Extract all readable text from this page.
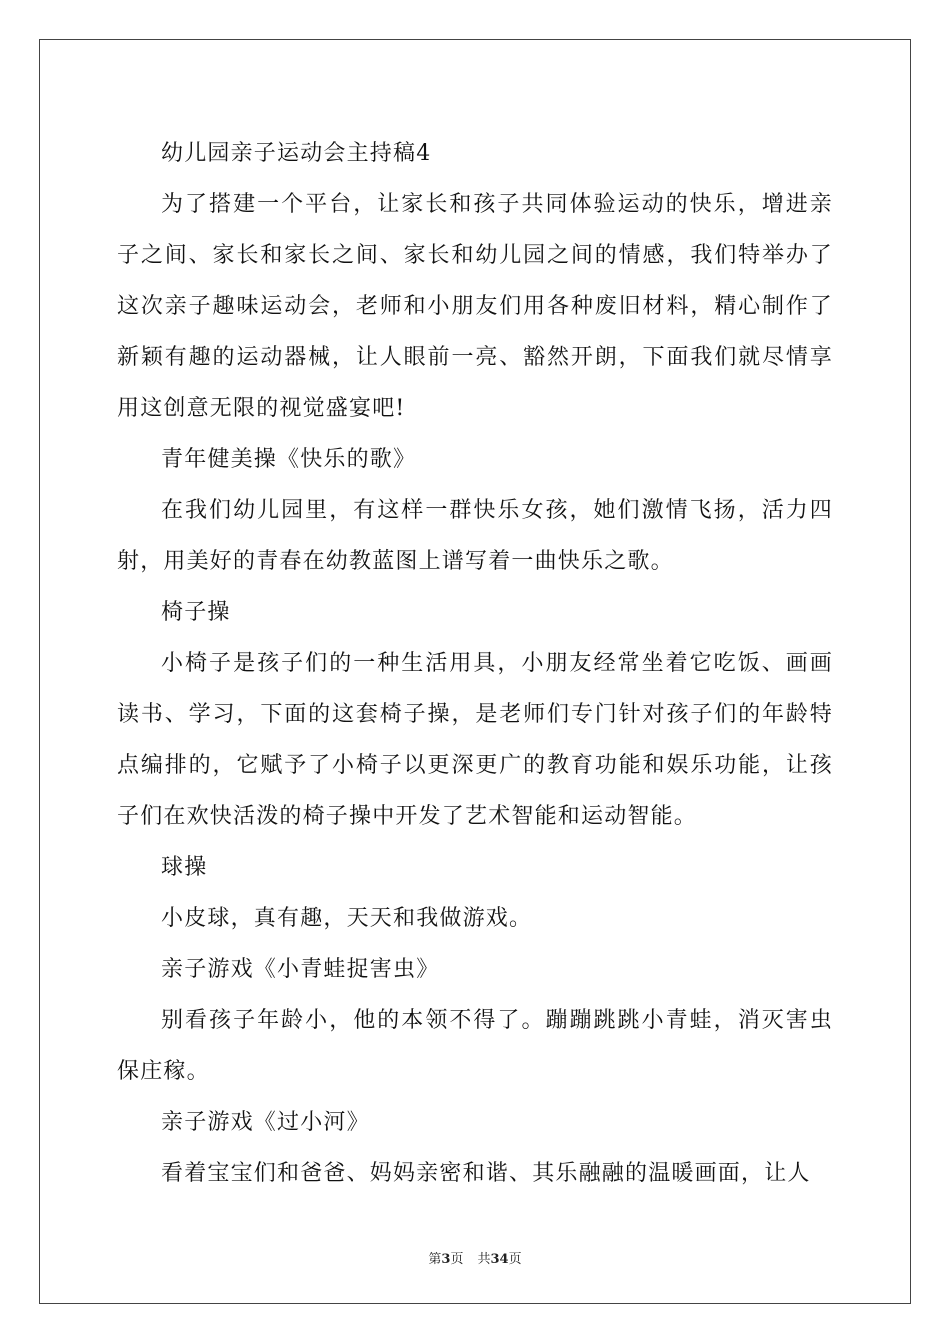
幼儿园亲子运动会主持稿4

为了搭建一个平台，让家长和孩子共同体验运动的快乐，增进亲子之间、家长和家长之间、家长和幼儿园之间的情感，我们特举办了这次亲子趣味运动会，老师和小朋友们用各种废旧材料，精心制作了新颖有趣的运动器械，让人眼前一亮、豁然开朗，下面我们就尽情享用这创意无限的视觉盛宴吧!

青年健美操《快乐的歌》

在我们幼儿园里，有这样一群快乐女孩，她们激情飞扬，活力四射，用美好的青春在幼教蓝图上谱写着一曲快乐之歌。

椅子操

小椅子是孩子们的一种生活用具，小朋友经常坐着它吃饭、画画读书、学习，下面的这套椅子操，是老师们专门针对孩子们的年龄特点编排的，它赋予了小椅子以更深更广的教育功能和娱乐功能，让孩子们在欢快活泼的椅子操中开发了艺术智能和运动智能。

球操

小皮球，真有趣，天天和我做游戏。

亲子游戏《小青蛙捉害虫》

别看孩子年龄小，他的本领不得了。蹦蹦跳跳小青蛙，消灭害虫保庄稼。

亲子游戏《过小河》

看着宝宝们和爸爸、妈妈亲密和谐、其乐融融的温暖画面，让人

第3页 共34页
